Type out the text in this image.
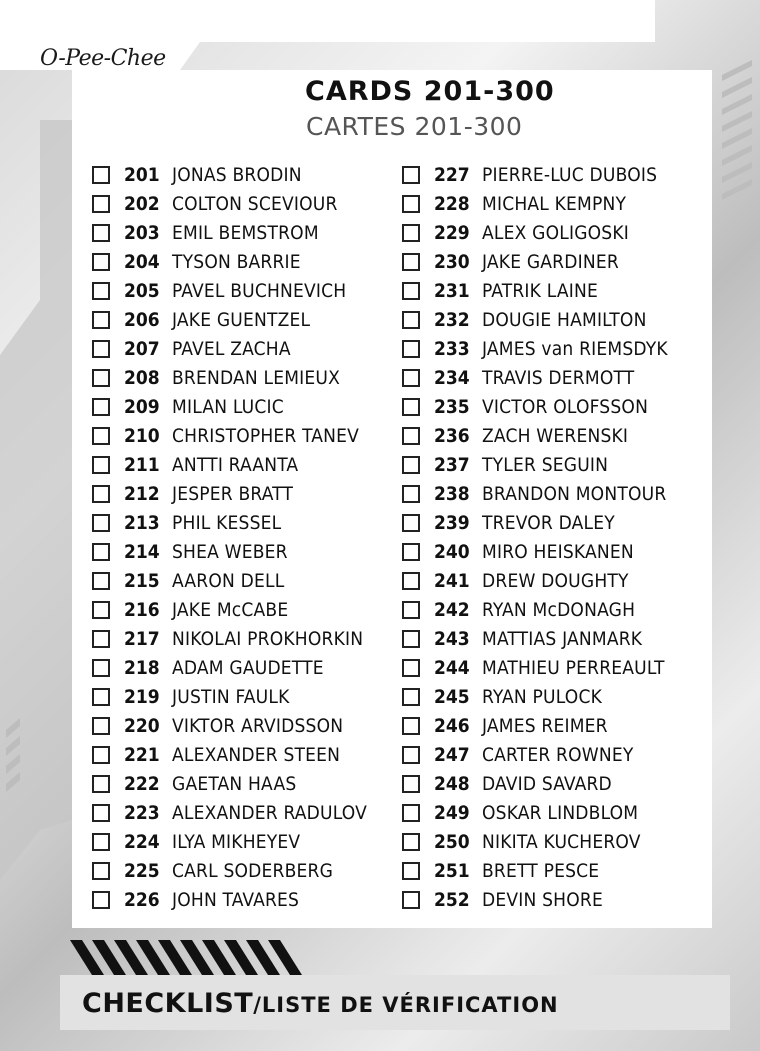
O-Pee-Chee
CARDS 201-300
CARTES 201-300
201 JONAS BRODIN
202 COLTON SCEVIOUR
203 EMIL BEMSTROM
204 TYSON BARRIE
205 PAVEL BUCHNEVICH
206 JAKE GUENTZEL
207 PAVEL ZACHA
208 BRENDAN LEMIEUX
209 MILAN LUCIC
210 CHRISTOPHER TANEV
211 ANTTI RAANTA
212 JESPER BRATT
213 PHIL KESSEL
214 SHEA WEBER
215 AARON DELL
216 JAKE McCABE
217 NIKOLAI PROKHORKIN
218 ADAM GAUDETTE
219 JUSTIN FAULK
220 VIKTOR ARVIDSSON
221 ALEXANDER STEEN
222 GAETAN HAAS
223 ALEXANDER RADULOV
224 ILYA MIKHEYEV
225 CARL SODERBERG
226 JOHN TAVARES
227 PIERRE-LUC DUBOIS
228 MICHAL KEMPNY
229 ALEX GOLIGOSKI
230 JAKE GARDINER
231 PATRIK LAINE
232 DOUGIE HAMILTON
233 JAMES van RIEMSDYK
234 TRAVIS DERMOTT
235 VICTOR OLOFSSON
236 ZACH WERENSKI
237 TYLER SEGUIN
238 BRANDON MONTOUR
239 TREVOR DALEY
240 MIRO HEISKANEN
241 DREW DOUGHTY
242 RYAN McDONAGH
243 MATTIAS JANMARK
244 MATHIEU PERREAULT
245 RYAN PULOCK
246 JAMES REIMER
247 CARTER ROWNEY
248 DAVID SAVARD
249 OSKAR LINDBLOM
250 NIKITA KUCHEROV
251 BRETT PESCE
252 DEVIN SHORE
CHECKLIST/LISTE DE VÉRIFICATION
